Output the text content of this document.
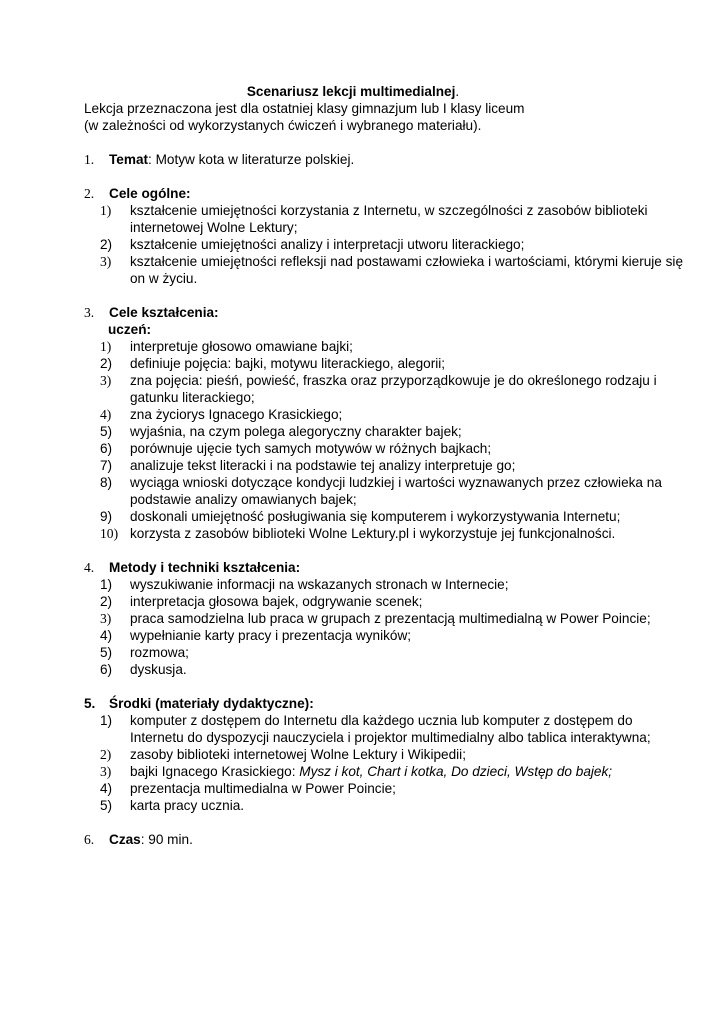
Scenariusz lekcji multimedialnej.
Lekcja przeznaczona jest dla ostatniej klasy gimnazjum lub I klasy liceum
(w zależności od wykorzystanych ćwiczeń i wybranego materiału).
1. Temat: Motyw kota w literaturze polskiej.
2. Cele ogólne:
1) kształcenie umiejętności korzystania z Internetu, w szczególności z zasobów biblioteki internetowej Wolne Lektury;
2) kształcenie umiejętności analizy i interpretacji utworu literackiego;
3) kształcenie umiejętności refleksji nad postawami człowieka i wartościami, którymi kieruje się on w życiu.
3. Cele kształcenia:
uczeń:
1) interpretuje głosowo omawiane bajki;
2) definiuje pojęcia: bajki, motywu literackiego, alegorii;
3) zna pojęcia: pieśń, powieść, fraszka oraz przyporządkowuje je do określonego rodzaju i gatunku literackiego;
4) zna życiorys Ignacego Krasickiego;
5) wyjaśnia, na czym polega alegoryczny charakter bajek;
6) porównuje ujęcie tych samych motywów w różnych bajkach;
7) analizuje tekst literacki i na podstawie tej analizy interpretuje go;
8) wyciąga wnioski dotyczące kondycji ludzkiej i wartości wyznawanych przez człowieka na podstawie analizy omawianych bajek;
9) doskonali umiejętność posługiwania się komputerem i wykorzystywania Internetu;
10) korzysta z zasobów biblioteki Wolne Lektury.pl i wykorzystuje jej funkcjonalności.
4. Metody i techniki kształcenia:
1) wyszukiwanie informacji na wskazanych stronach w Internecie;
2) interpretacja głosowa bajek, odgrywanie scenek;
3) praca samodzielna lub praca w grupach z prezentacją multimedialną w Power Poincie;
4) wypełnianie karty pracy i prezentacja wyników;
5) rozmowa;
6) dyskusja.
5. Środki (materiały dydaktyczne):
1) komputer z dostępem do Internetu dla każdego ucznia lub komputer z dostępem do Internetu do dyspozycji nauczyciela i projektor multimedialny albo tablica interaktywna;
2) zasoby biblioteki internetowej Wolne Lektury i Wikipedii;
3) bajki Ignacego Krasickiego: Mysz i kot, Chart i kotka, Do dzieci, Wstęp do bajek;
4) prezentacja multimedialna w Power Poincie;
5) karta pracy ucznia.
6. Czas: 90 min.
